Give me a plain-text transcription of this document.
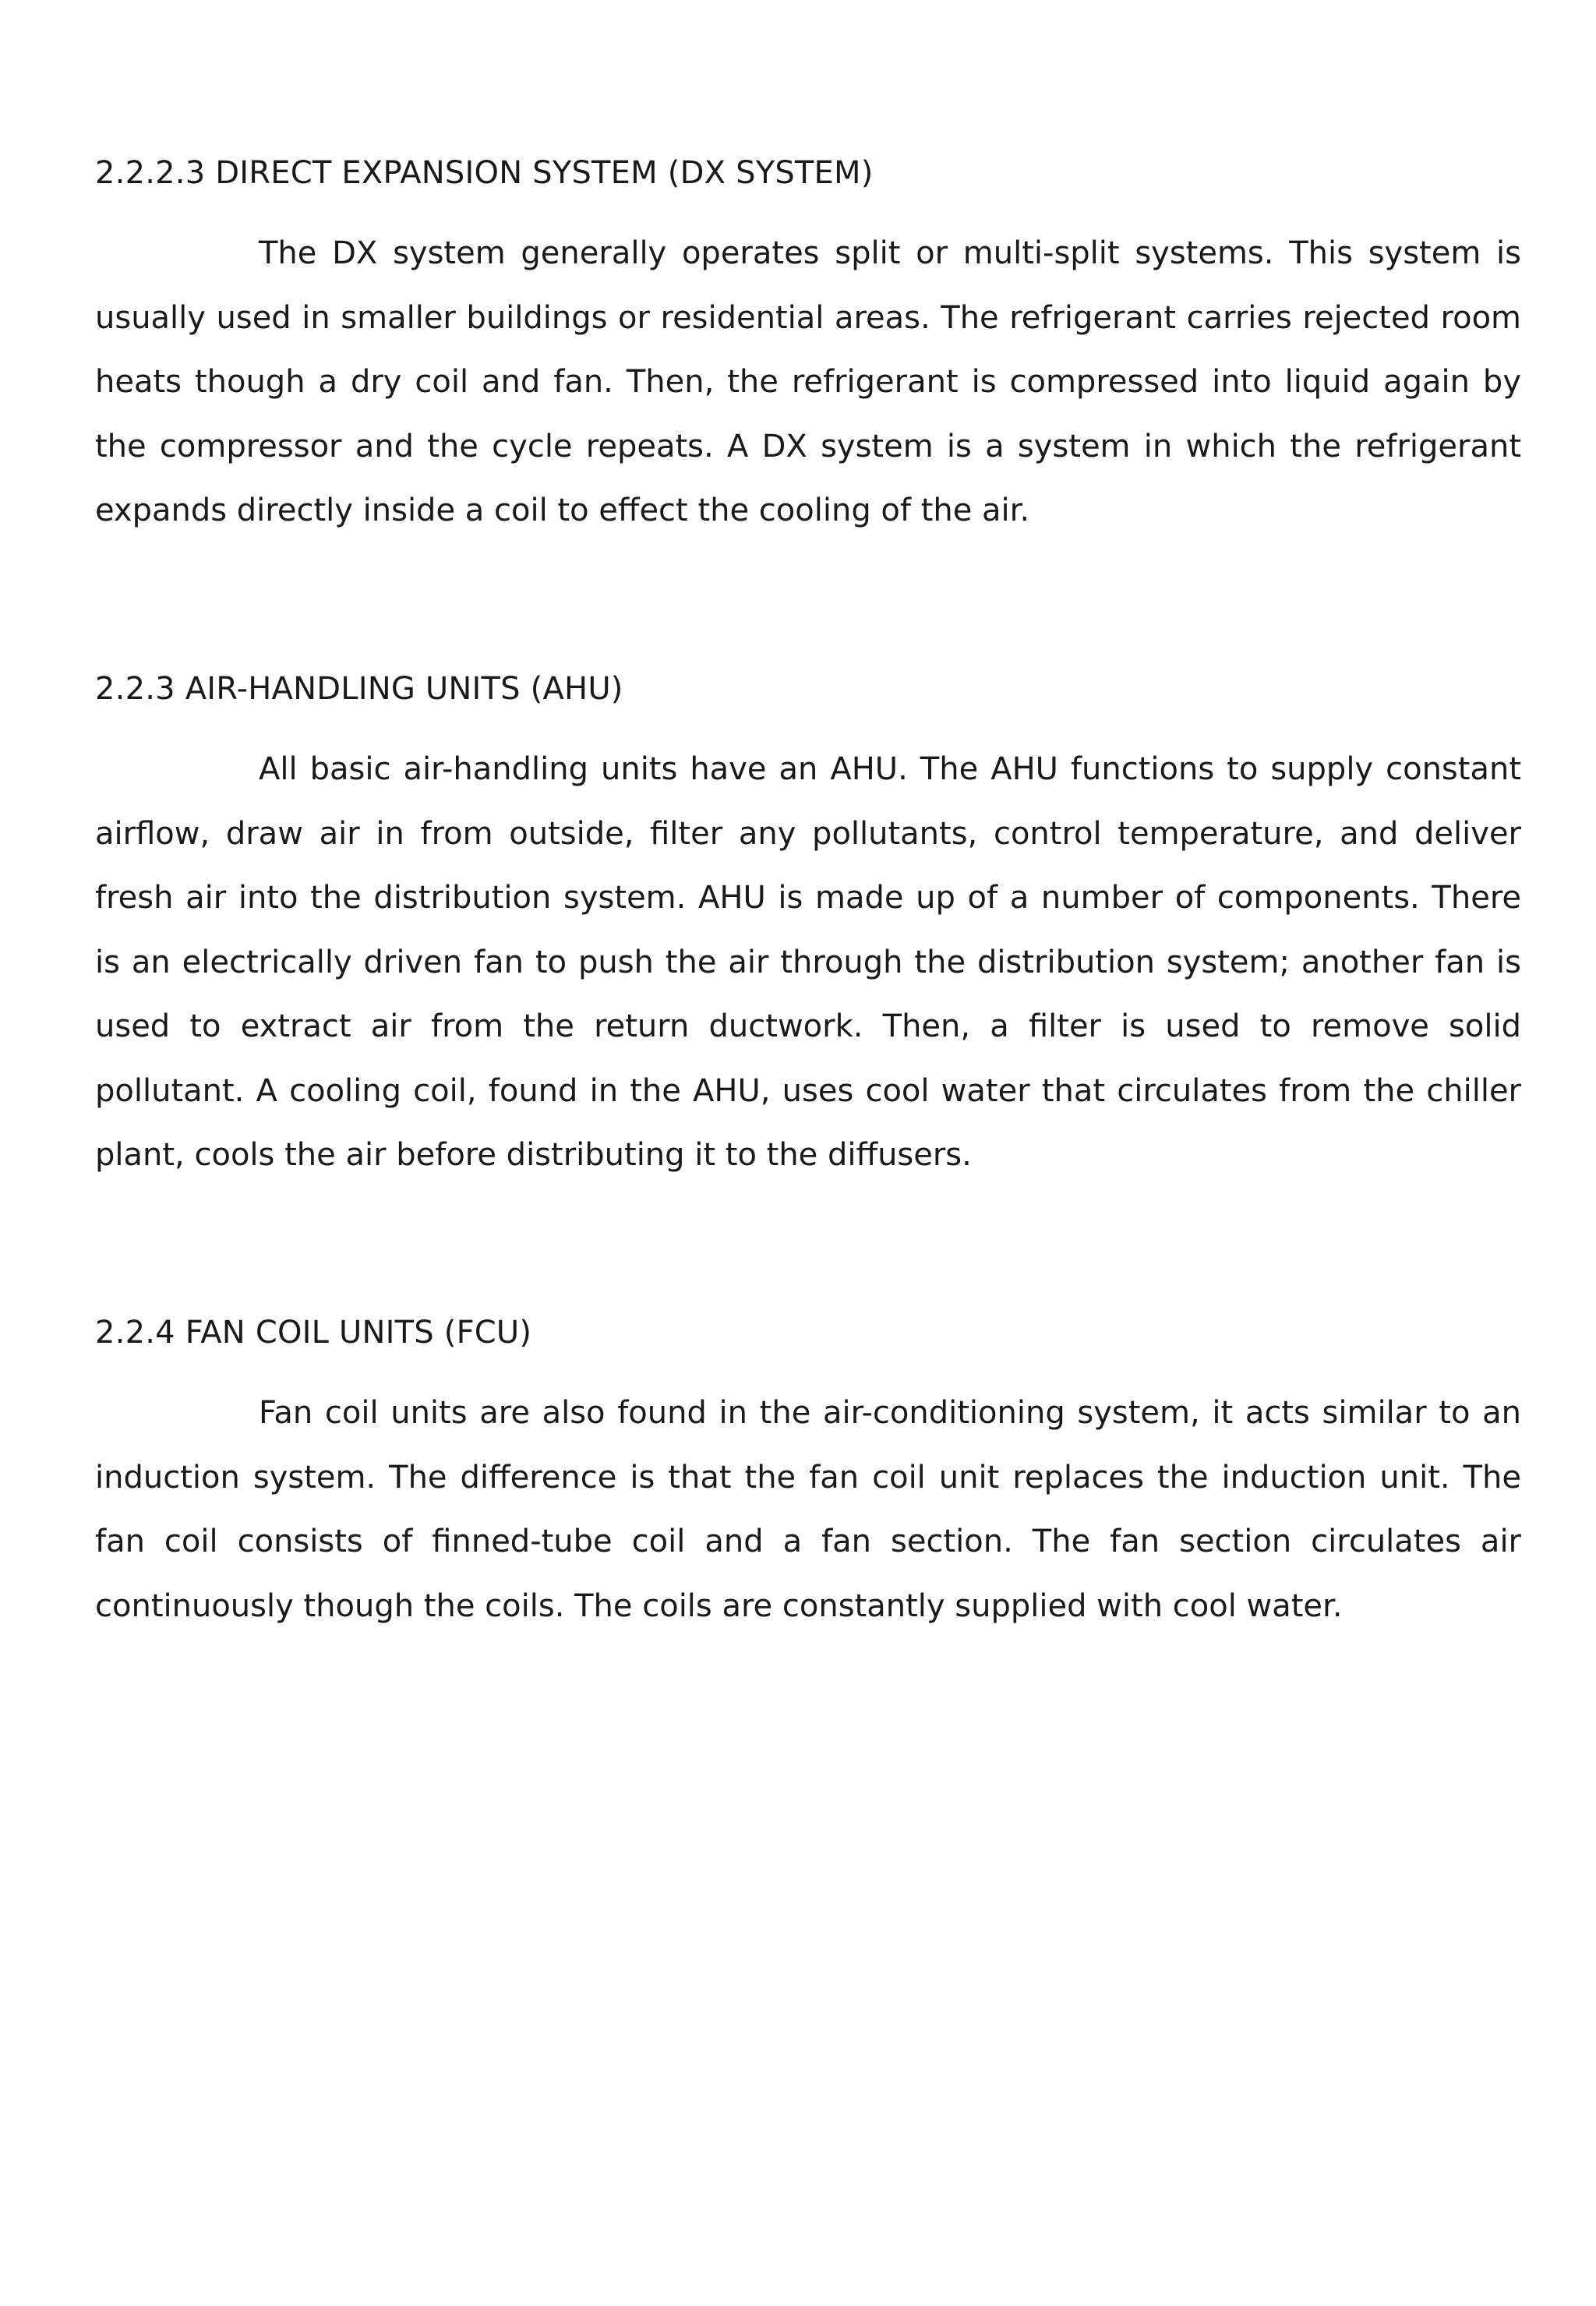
2.2.2.3 DIRECT EXPANSION SYSTEM (DX SYSTEM)

The DX system generally operates split or multi-split systems. This system is usually used in smaller buildings or residential areas. The refrigerant carries rejected room heats though a dry coil and fan. Then, the refrigerant is compressed into liquid again by the compressor and the cycle repeats. A DX system is a system in which the refrigerant expands directly inside a coil to effect the cooling of the air.

2.2.3 AIR-HANDLING UNITS (AHU)

All basic air-handling units have an AHU. The AHU functions to supply constant airflow, draw air in from outside, filter any pollutants, control temperature, and deliver fresh air into the distribution system. AHU is made up of a number of components. There is an electrically driven fan to push the air through the distribution system; another fan is used to extract air from the return ductwork. Then, a filter is used to remove solid pollutant. A cooling coil, found in the AHU, uses cool water that circulates from the chiller plant, cools the air before distributing it to the diffusers.

2.2.4 FAN COIL UNITS (FCU)

Fan coil units are also found in the air-conditioning system, it acts similar to an induction system. The difference is that the fan coil unit replaces the induction unit. The fan coil consists of finned-tube coil and a fan section. The fan section circulates air continuously though the coils. The coils are constantly supplied with cool water.
